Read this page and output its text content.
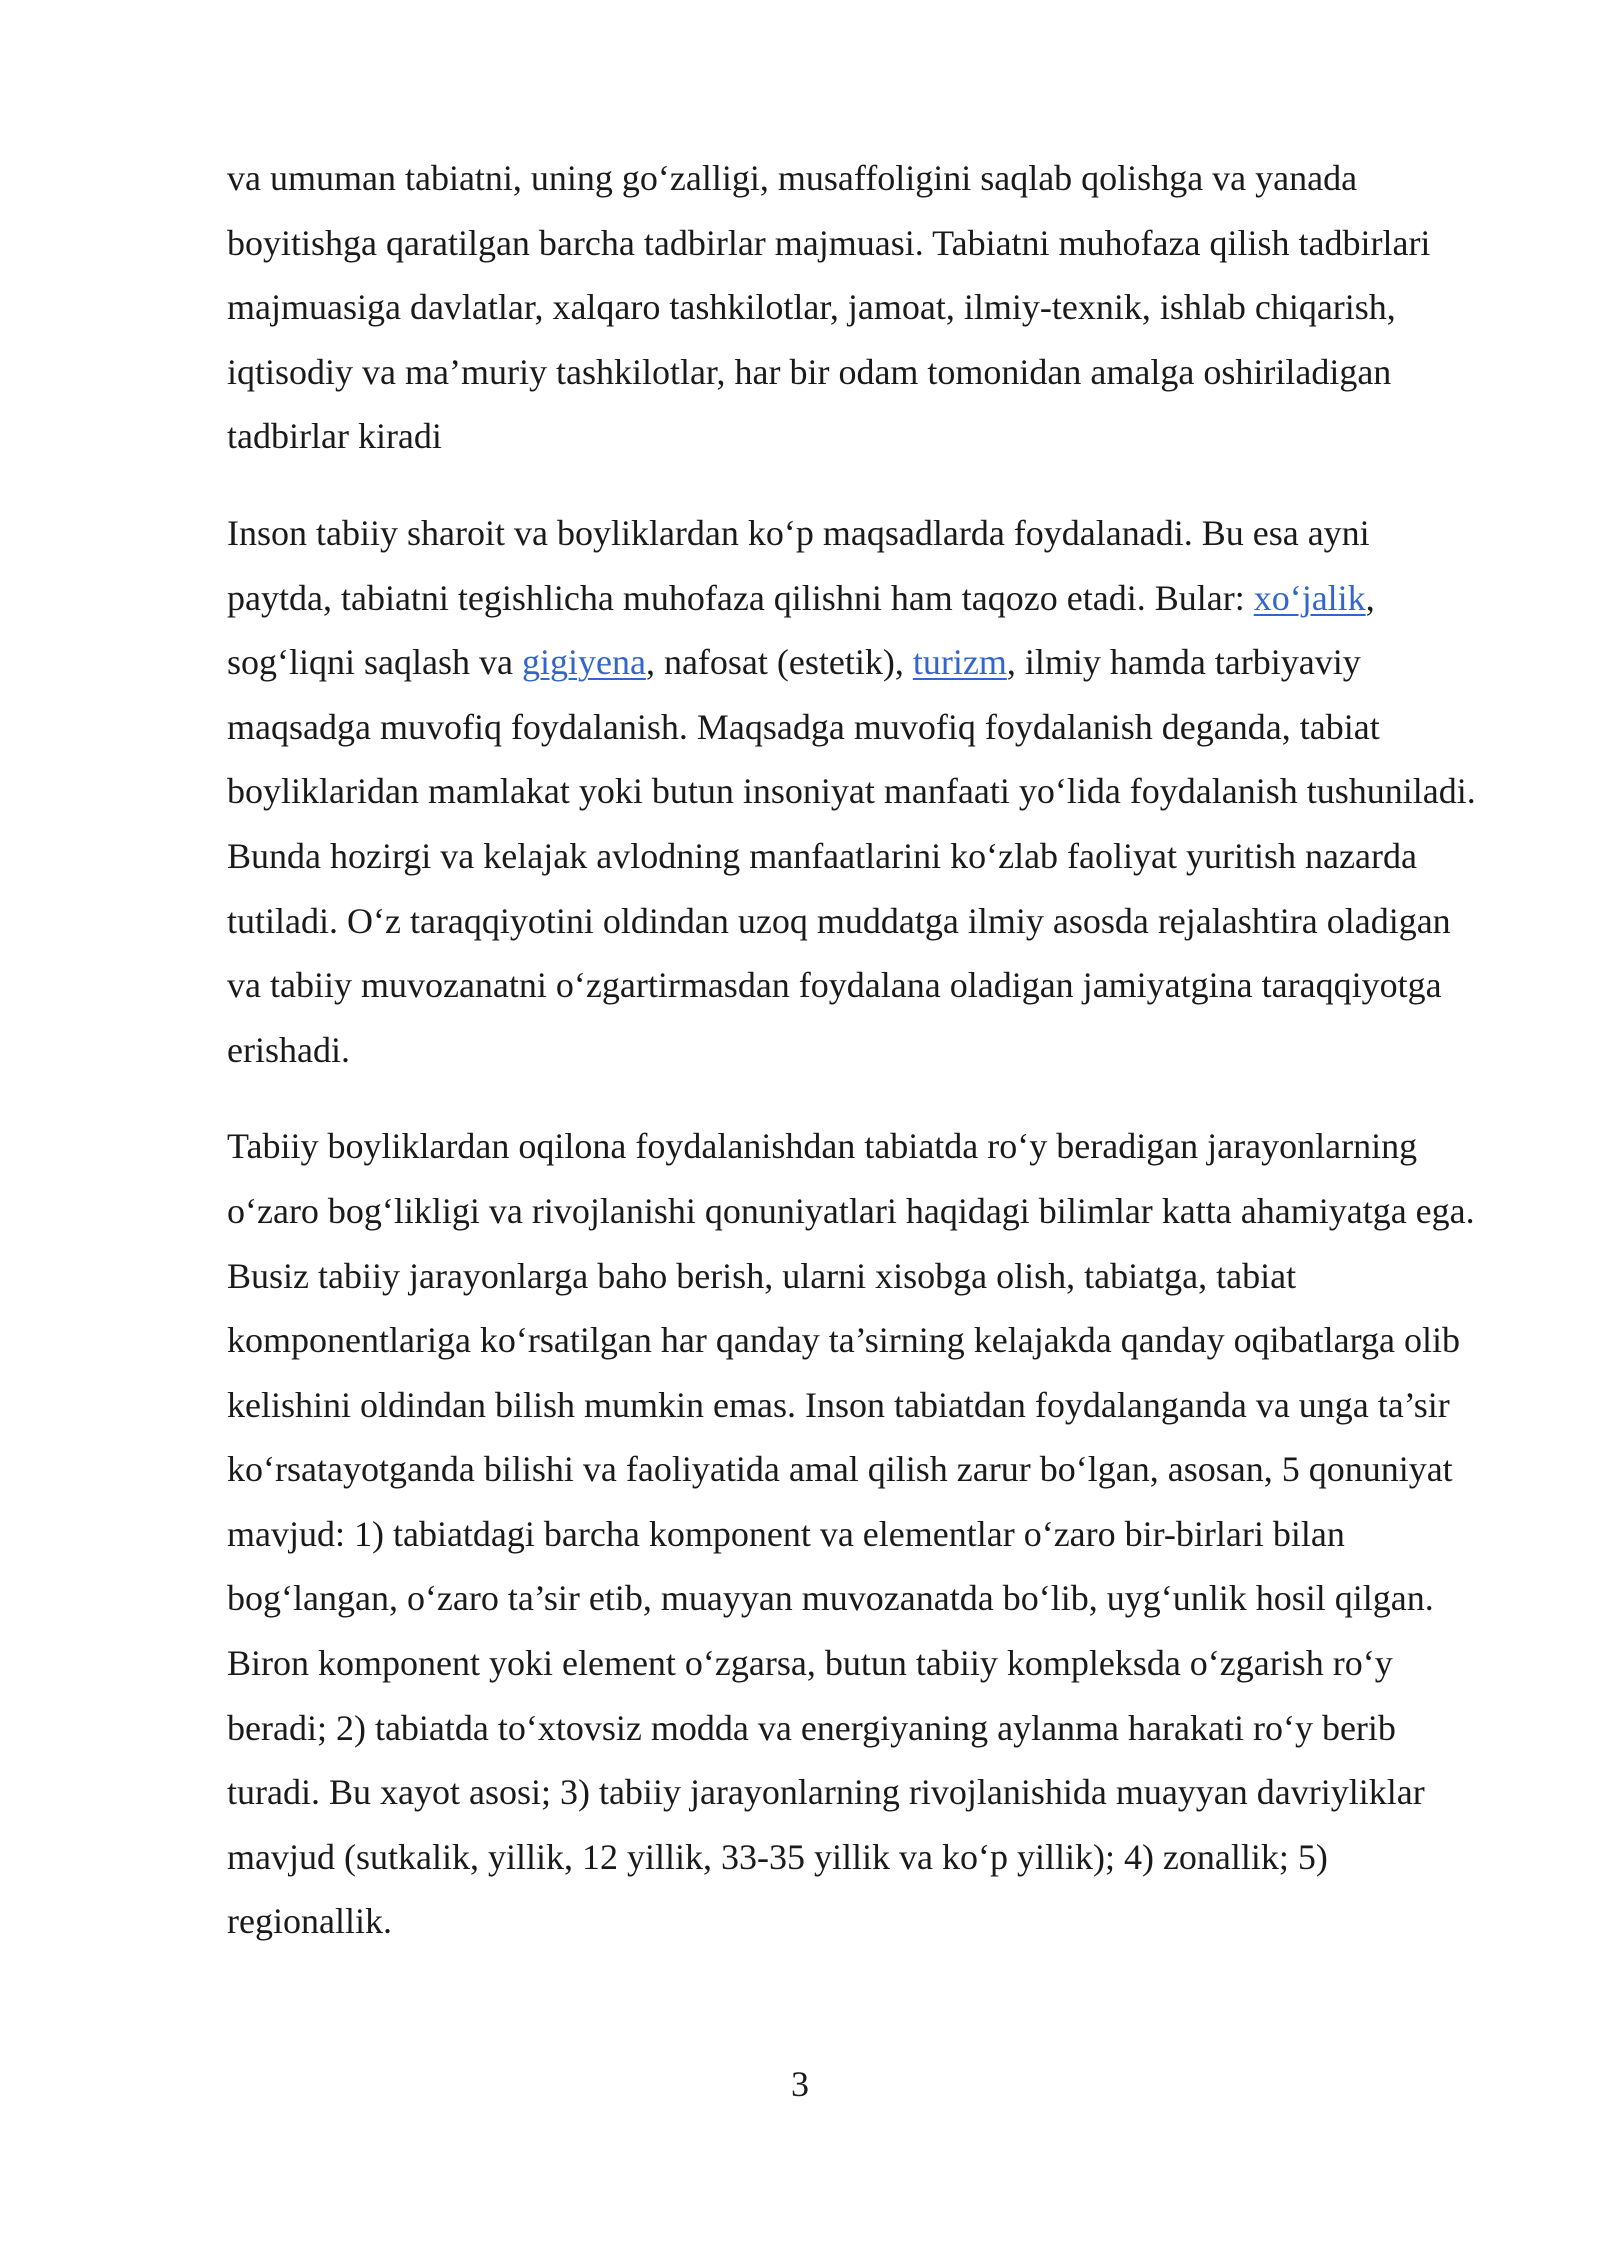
va umuman tabiatni, uning go‘zalligi, musaffoligini saqlab qolishga va yanada boyitishga qaratilgan barcha tadbirlar majmuasi. Tabiatni muhofaza qilish tadbirlari majmuasiga davlatlar, xalqaro tashkilotlar, jamoat, ilmiy-texnik, ishlab chiqarish, iqtisodiy va ma’muriy tashkilotlar, har bir odam tomonidan amalga oshiriladigan tadbirlar kiradi

Inson tabiiy sharoit va boyliklardan ko‘p maqsadlarda foydalanadi. Bu esa ayni paytda, tabiatni tegishlicha muhofaza qilishni ham taqozo etadi. Bular: xo‘jalik, sog‘liqni saqlash va gigiyena, nafosat (estetik), turizm, ilmiy hamda tarbiyaviy maqsadga muvofiq foydalanish. Maqsadga muvofiq foydalanish deganda, tabiat boyliklaridan mamlakat yoki butun insoniyat manfaati yo‘lida foydalanish tushuniladi. Bunda hozirgi va kelajak avlodning manfaatlarini ko‘zlab faoliyat yuritish nazarda tutiladi. O‘z taraqqiyotini oldindan uzoq muddatga ilmiy asosda rejalashtira oladigan va tabiiy muvozanatni o‘zgartirmasdan foydalana oladigan jamiyatgina taraqqiyotga erishadi.

Tabiiy boyliklardan oqilona foydalanishdan tabiatda ro‘y beradigan jarayonlarning o‘zaro bog‘likligi va rivojlanishi qonuniyatlari haqidagi bilimlar katta ahamiyatga ega. Busiz tabiiy jarayonlarga baho berish, ularni xisobga olish, tabiatga, tabiat komponentlariga ko‘rsatilgan har qanday ta’sirning kelajakda qanday oqibatlarga olib kelishini oldindan bilish mumkin emas. Inson tabiatdan foydalanganda va unga ta’sir ko‘rsatayotganda bilishi va faoliyatida amal qilish zarur bo‘lgan, asosan, 5 qonuniyat mavjud: 1) tabiatdagi barcha komponent va elementlar o‘zaro bir-birlari bilan bog‘langan, o‘zaro ta’sir etib, muayyan muvozanatda bo‘lib, uyg‘unlik hosil qilgan. Biron komponent yoki element o‘zgarsa, butun tabiiy kompleksda o‘zgarish ro‘y beradi; 2) tabiatda to‘xtovsiz modda va energiyaning aylanma harakati ro‘y berib turadi. Bu xayot asosi; 3) tabiiy jarayonlarning rivojlanishida muayyan davriyliklar mavjud (sutkalik, yillik, 12 yillik, 33-35 yillik va ko‘p yillik); 4) zonallik; 5) regionallik.

3
